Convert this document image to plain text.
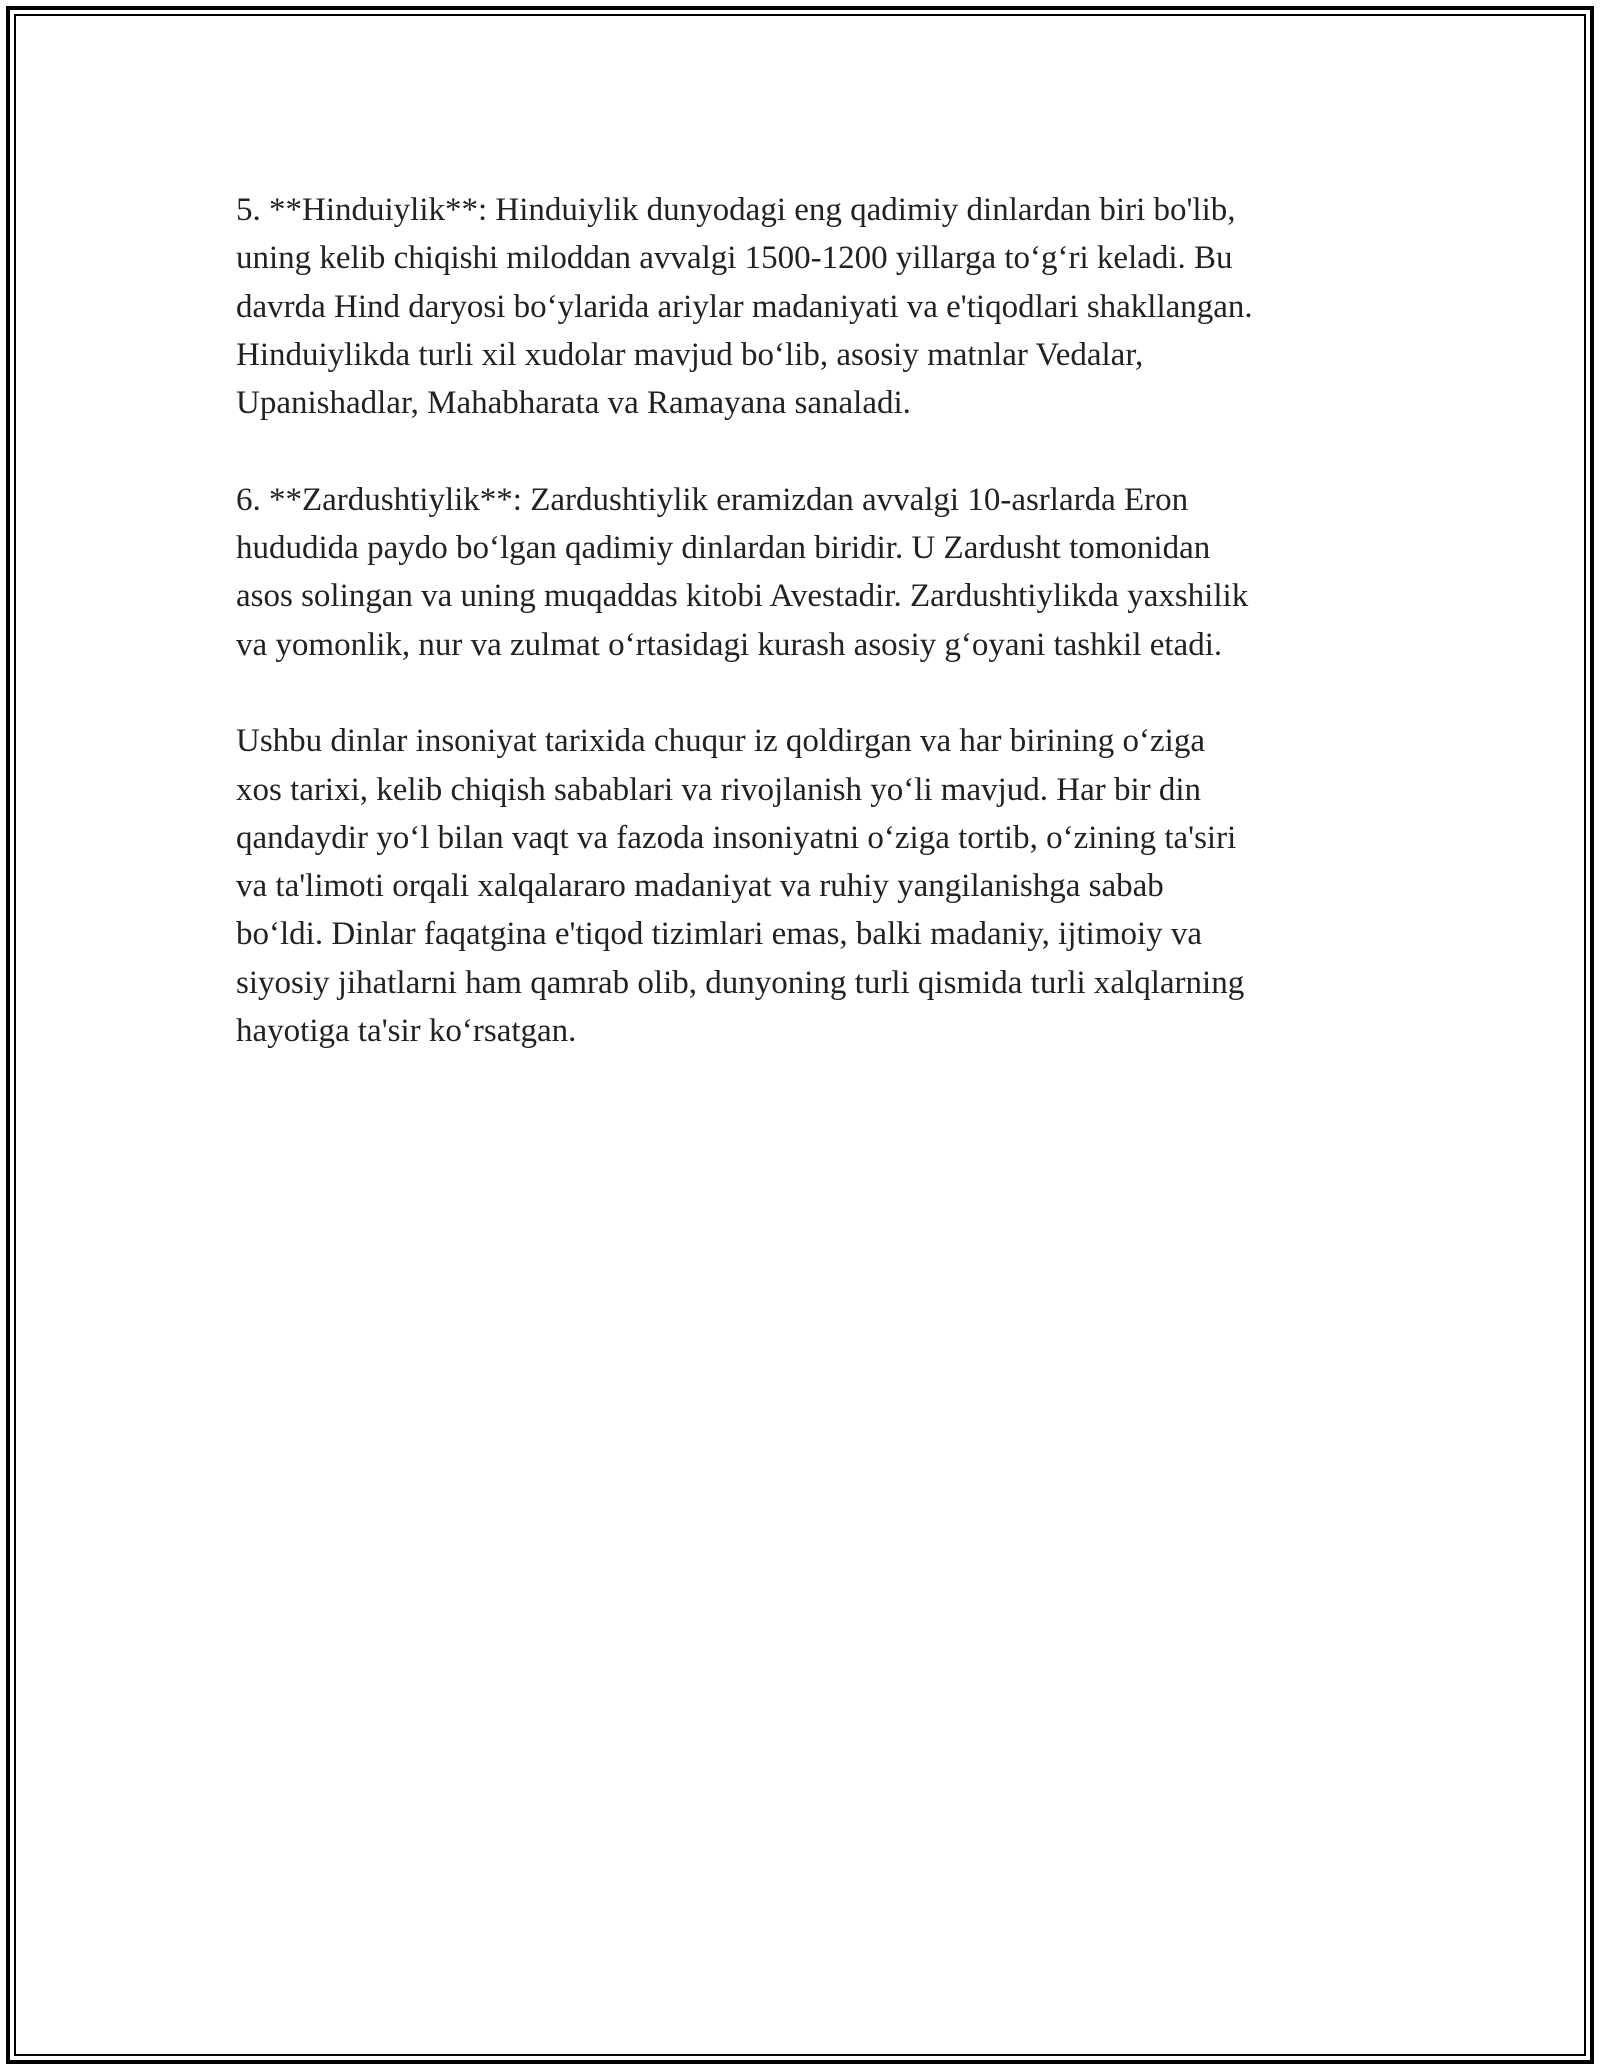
5. **Hinduiylik**: Hinduiylik dunyodagi eng qadimiy dinlardan biri bo'lib,
uning kelib chiqishi miloddan avvalgi 1500-1200 yillarga toʻgʻri keladi. Bu
davrda Hind daryosi boʻylarida ariylar madaniyati va e'tiqodlari shakllangan.
Hinduiylikda turli xil xudolar mavjud boʻlib, asosiy matnlar Vedalar,
Upanishadlar, Mahabharata va Ramayana sanaladi.

6. **Zardushtiylik**: Zardushtiylik eramizdan avvalgi 10-asrlarda Eron
hududida paydo boʻlgan qadimiy dinlardan biridir. U Zardusht tomonidan
asos solingan va uning muqaddas kitobi Avestadir. Zardushtiylikda yaxshilik
va yomonlik, nur va zulmat oʻrtasidagi kurash asosiy gʻoyani tashkil etadi.

Ushbu dinlar insoniyat tarixida chuqur iz qoldirgan va har birining oʻziga
xos tarixi, kelib chiqish sabablari va rivojlanish yoʻli mavjud. Har bir din
qandaydir yoʻl bilan vaqt va fazoda insoniyatni oʻziga tortib, oʻzining ta'siri
va ta'limoti orqali xalqalararo madaniyat va ruhiy yangilanishga sabab
boʻldi. Dinlar faqatgina e'tiqod tizimlari emas, balki madaniy, ijtimoiy va
siyosiy jihatlarni ham qamrab olib, dunyoning turli qismida turli xalqlarning
hayotiga ta'sir koʻrsatgan.
